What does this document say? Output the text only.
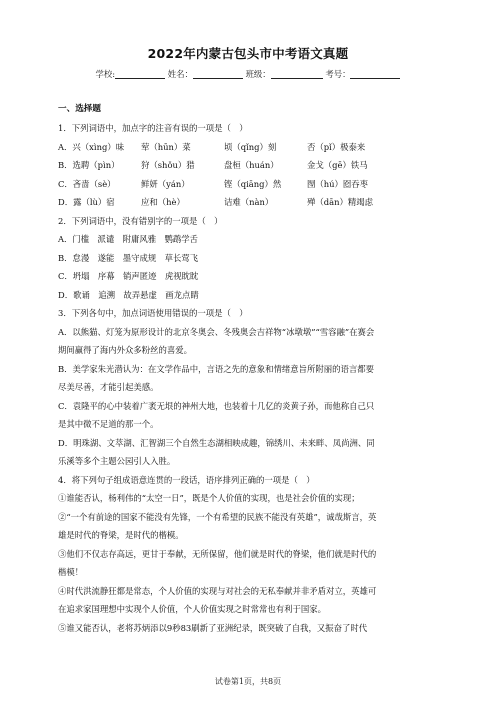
2022年内蒙古包头市中考语文真题
学校:	姓名：	班级：	考号：
一、选择题
1．下列词语中，加点字的注音有误的一项是（　）
A．兴（xìng）味	荤（hūn）菜	顷（qǐng）刻	否（pǐ）极泰来
B．选聘（pìn）	狩（shǒu）猎	盘桓（huán）	金戈（gē）铁马
C．吝啬（sè）	鲜妍（yán）	铿（qiāng）然	囫（hú）囵吞枣
D．露（lù）宿	应和（hè）	诘难（nàn）	殚（dān）精竭虑
2．下列词语中，没有错别字的一项是（　）
A．门槛　派谴　附庸风雅　鹦鹉学舌
B．怠漫　遂能　墨守成规　草长莺飞
C．坍塌　序幕　销声匿迹　虎视眈眈
D．歌诵　追溯　故弄悬虚　画龙点睛
3．下列各句中，加点词语使用错误的一项是（　）
A．以熊猫、灯笼为原形设计的北京冬奥会、冬残奥会吉祥物“冰墩墩”“雪容融”在赛会
期间赢得了海内外众多粉丝的喜爱。
B．美学家朱光潜认为：在文学作品中，言语之先的意象和情绪意旨所附丽的语言都要
尽美尽善，才能引起美感。
C．袁隆平的心中装着广袤无垠的神州大地，也装着十几亿的炎黄子孙，而他称自己只
是其中微不足道的那一个。
D．明珠湖、文萃湖、汇智湖三个自然生态湖相映成趣，锦绣川、未来畔、凤尚洲、同
乐溪等多个主题公园引人入胜。
4．将下列句子组成语意连贯的一段话，语序排列正确的一项是（　）
①谁能否认，杨利伟的“太空一日”，既是个人价值的实现，也是社会价值的实现；
②“一个有前途的国家不能没有先锋，一个有希望的民族不能没有英雄”，诚哉斯言，英
雄是时代的脊梁，是时代的楷模。
③他们不仅志存高远，更甘于奉献，无所保留，他们就是时代的脊梁，他们就是时代的
楷模！
④时代洪流静狂都是常态，个人价值的实现与对社会的无私奉献并非矛盾对立，英雄可
在追求家国理想中实现个人价值，个人价值实现之时常常也有利于国家。
⑤谁又能否认，老将苏炳添以9秒83刷新了亚洲纪录，既突破了自我，又振奋了时代
试卷第1页，共8页
